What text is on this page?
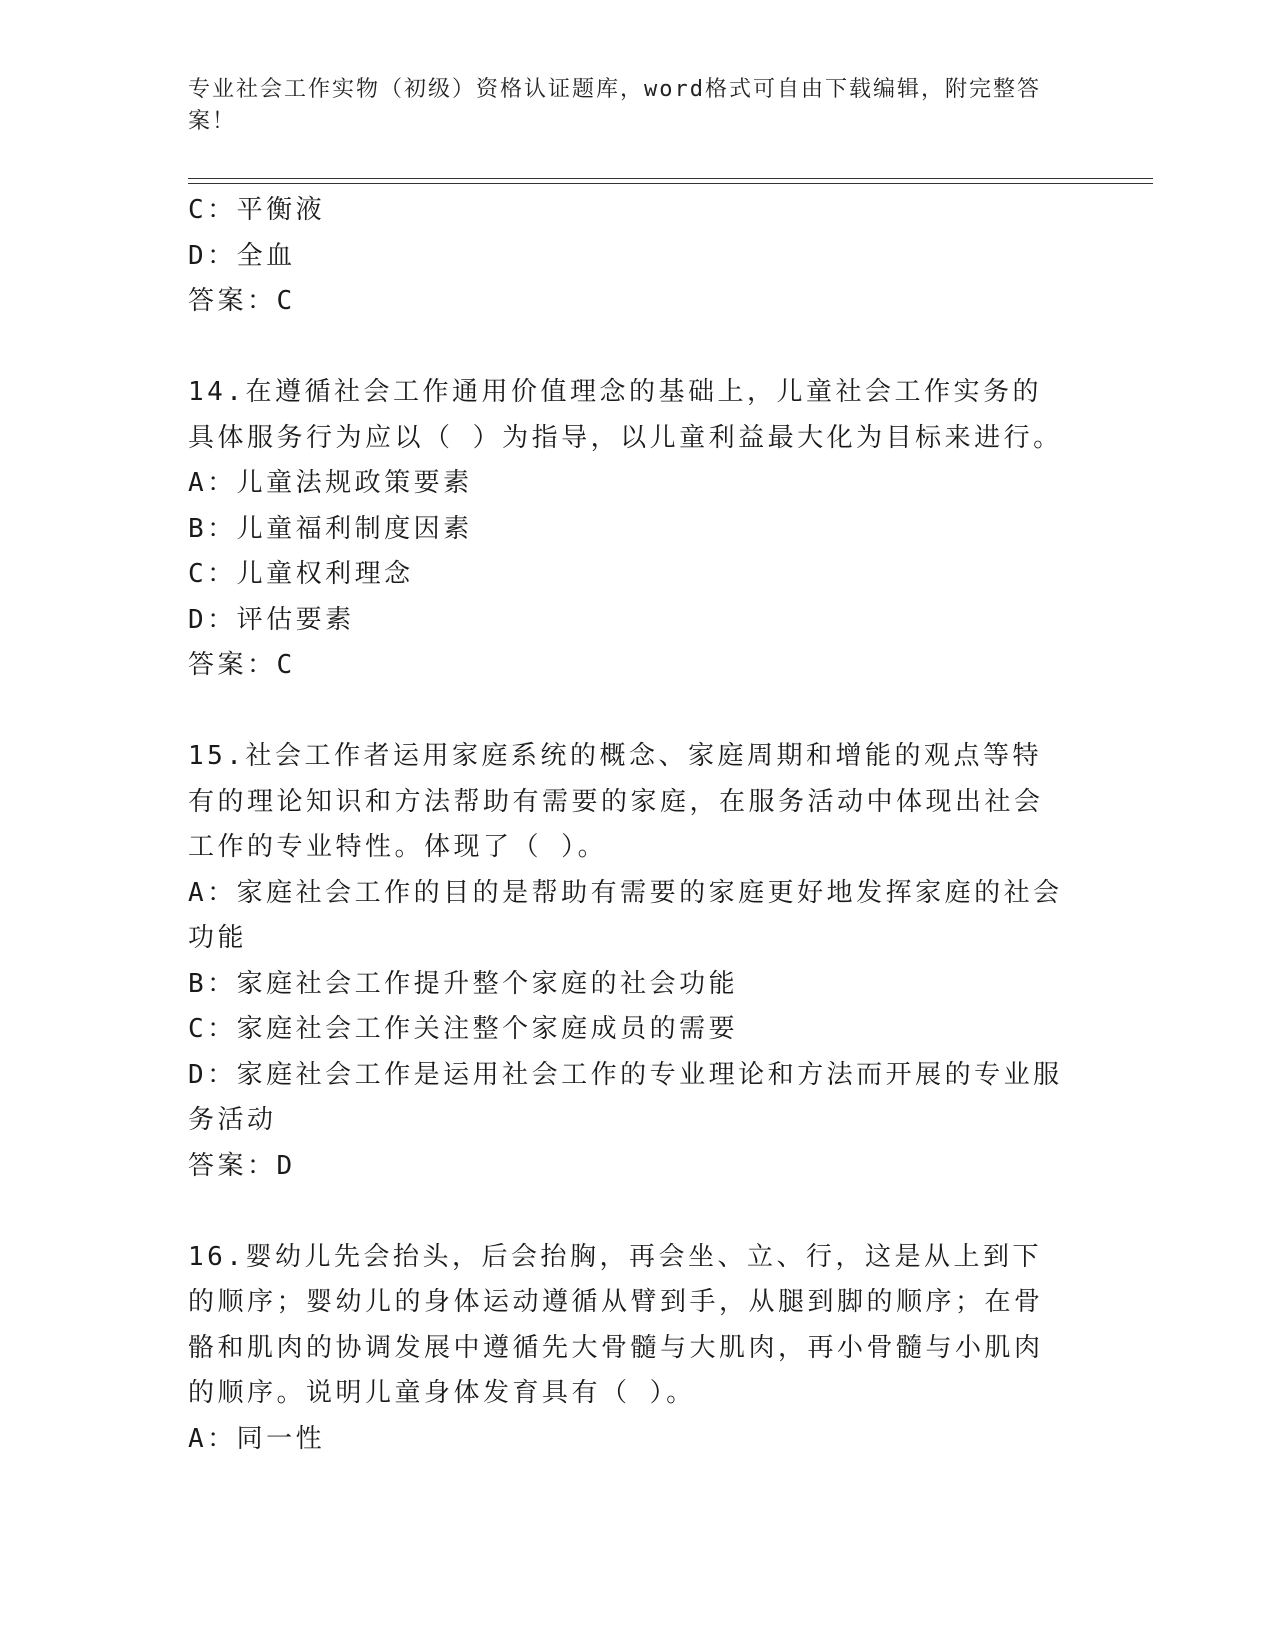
专业社会工作实物（初级）资格认证题库，word格式可自由下载编辑，附完整答案！

C：平衡液

D：全血

答案：C

14.在遵循社会工作通用价值理念的基础上，儿童社会工作实务的具体服务行为应以（ ）为指导，以儿童利益最大化为目标来进行。

A：儿童法规政策要素

B：儿童福利制度因素

C：儿童权利理念

D：评估要素

答案：C

15.社会工作者运用家庭系统的概念、家庭周期和增能的观点等特有的理论知识和方法帮助有需要的家庭，在服务活动中体现出社会工作的专业特性。体现了（ ）。

A：家庭社会工作的目的是帮助有需要的家庭更好地发挥家庭的社会功能

B：家庭社会工作提升整个家庭的社会功能

C：家庭社会工作关注整个家庭成员的需要

D：家庭社会工作是运用社会工作的专业理论和方法而开展的专业服务活动

答案：D

16.婴幼儿先会抬头，后会抬胸，再会坐、立、行，这是从上到下的顺序；婴幼儿的身体运动遵循从臂到手，从腿到脚的顺序；在骨骼和肌肉的协调发展中遵循先大骨髓与大肌肉，再小骨髓与小肌肉的顺序。说明儿童身体发育具有（ ）。

A：同一性
